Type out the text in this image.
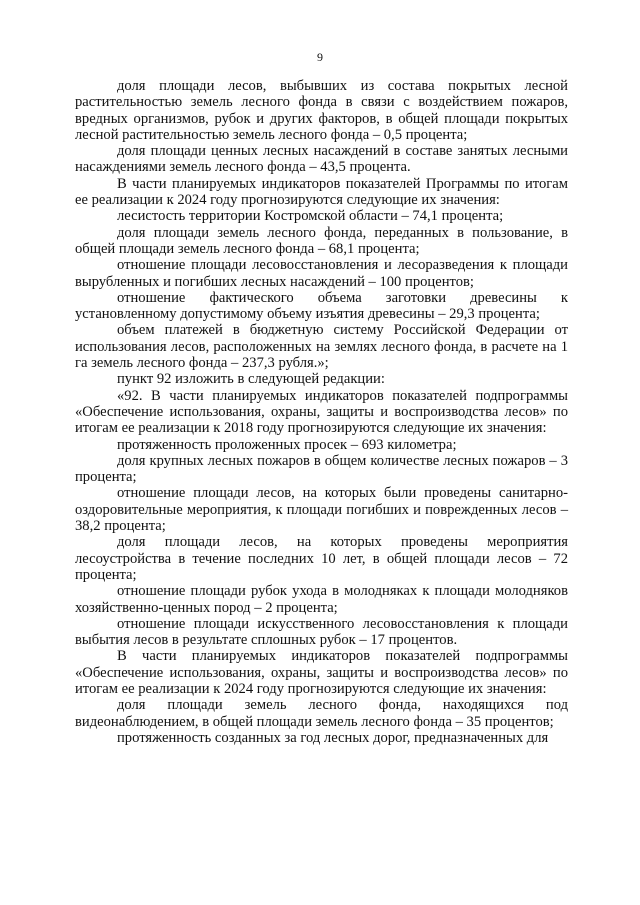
9

доля площади лесов, выбывших из состава покрытых лесной растительностью земель лесного фонда в связи с воздействием пожаров, вредных организмов, рубок и других факторов, в общей площади покрытых лесной растительностью земель лесного фонда – 0,5 процента;

доля площади ценных лесных насаждений в составе занятых лесными насаждениями земель лесного фонда – 43,5 процента.

В части планируемых индикаторов показателей Программы по итогам ее реализации к 2024 году прогнозируются следующие их значения:

лесистость территории Костромской области – 74,1 процента;

доля площади земель лесного фонда, переданных в пользование, в общей площади земель лесного фонда – 68,1 процента;

отношение площади лесовосстановления и лесоразведения к площади вырубленных и погибших лесных насаждений – 100 процентов;

отношение фактического объема заготовки древесины к установленному допустимому объему изъятия древесины – 29,3 процента;

объем платежей в бюджетную систему Российской Федерации от использования лесов, расположенных на землях лесного фонда, в расчете на 1 га земель лесного фонда – 237,3 рубля.»;

пункт 92 изложить в следующей редакции:

«92. В части планируемых индикаторов показателей подпрограммы «Обеспечение использования, охраны, защиты и воспроизводства лесов» по итогам ее реализации к 2018 году прогнозируются следующие их значения:

протяженность проложенных просек – 693 километра;

доля крупных лесных пожаров в общем количестве лесных пожаров – 3 процента;

отношение площади лесов, на которых были проведены санитарно-оздоровительные мероприятия, к площади погибших и поврежденных лесов – 38,2 процента;

доля площади лесов, на которых проведены мероприятия лесоустройства в течение последних 10 лет, в общей площади лесов – 72 процента;

отношение площади рубок ухода в молодняках к площади молодняков хозяйственно-ценных пород – 2 процента;

отношение площади искусственного лесовосстановления к площади выбытия лесов в результате сплошных рубок – 17 процентов.

В части планируемых индикаторов показателей подпрограммы «Обеспечение использования, охраны, защиты и воспроизводства лесов» по итогам ее реализации к 2024 году прогнозируются следующие их значения:

доля площади земель лесного фонда, находящихся под видеонаблюдением, в общей площади земель лесного фонда – 35 процентов;

протяженность созданных за год лесных дорог, предназначенных для
